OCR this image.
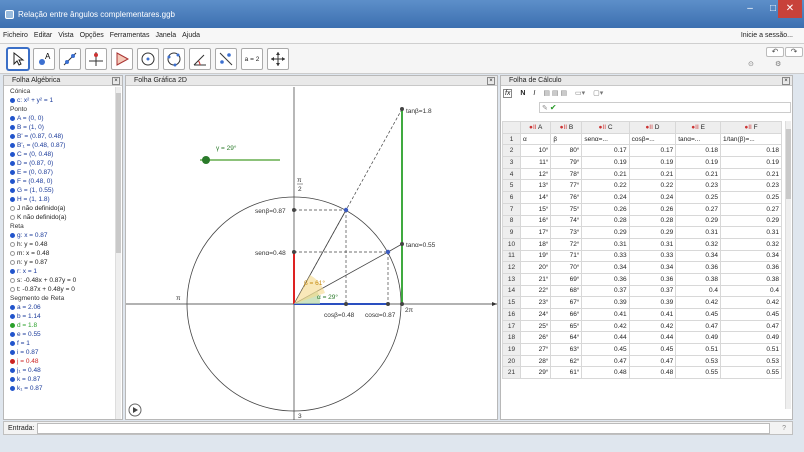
Relação entre ângulos complementares.ggb
–	□ ✕
Ficheiro Editar Vista Opções Ferramentas Janela Ajuda	Inicie a sessão...
A	a = 2
↶	↷
⊙	⚙
Folha Algébrica	×
Cónica
c: x² + y² = 1
Ponto
A = (0, 0)
B = (1, 0)
B' = (0.87, 0.48)
B'₁ = (0.48, 0.87)
C = (0, 0.48)
D = (0.87, 0)
E = (0, 0.87)
F = (0.48, 0)
G = (1, 0.55)
H = (1, 1.8)
J não definido(a)
K não definido(a)
Reta
g: x = 0.87
h: y = 0.48
m: x = 0.48
n: y = 0.87
r: x = 1
s: -0.48x + 0.87y = 0
t: -0.87x + 0.48y = 0
Segmento de Reta
a = 2.06
b = 1.14
d = 1.8
e = 0.55
f = 1
i = 0.87
j = 0.48
j₁ = 0.48
k = 0.87
k₁ = 0.87
Folha Gráfica 2D	×
γ = 29°
tanβ=1.8
senβ=0.87
senα=0.48
tanα=0.55
cosβ=0.48 cosα=0.87
α = 29°
β = 61°
π
2
π
2π
3
Folha de Cálculo	×
fx N I ▤ ▤ ▤ ▭▾ ▢▾
✎ ✔
	●II A	●II B	●II C	●II D	●II E	●II F
1	α	β	senα=...	cosβ=...	tanα=...	1/tan(β)=...
2	10°	80°	0.17	0.17	0.18	0.18
3	11°	79°	0.19	0.19	0.19	0.19
4	12°	78°	0.21	0.21	0.21	0.21
5	13°	77°	0.22	0.22	0.23	0.23
6	14°	76°	0.24	0.24	0.25	0.25
7	15°	75°	0.26	0.26	0.27	0.27
8	16°	74°	0.28	0.28	0.29	0.29
9	17°	73°	0.29	0.29	0.31	0.31
10	18°	72°	0.31	0.31	0.32	0.32
11	19°	71°	0.33	0.33	0.34	0.34
12	20°	70°	0.34	0.34	0.36	0.36
13	21°	69°	0.36	0.36	0.38	0.38
14	22°	68°	0.37	0.37	0.4	0.4
15	23°	67°	0.39	0.39	0.42	0.42
16	24°	66°	0.41	0.41	0.45	0.45
17	25°	65°	0.42	0.42	0.47	0.47
18	26°	64°	0.44	0.44	0.49	0.49
19	27°	63°	0.45	0.45	0.51	0.51
20	28°	62°	0.47	0.47	0.53	0.53
21	29°	61°	0.48	0.48	0.55	0.55
Entrada:	?
